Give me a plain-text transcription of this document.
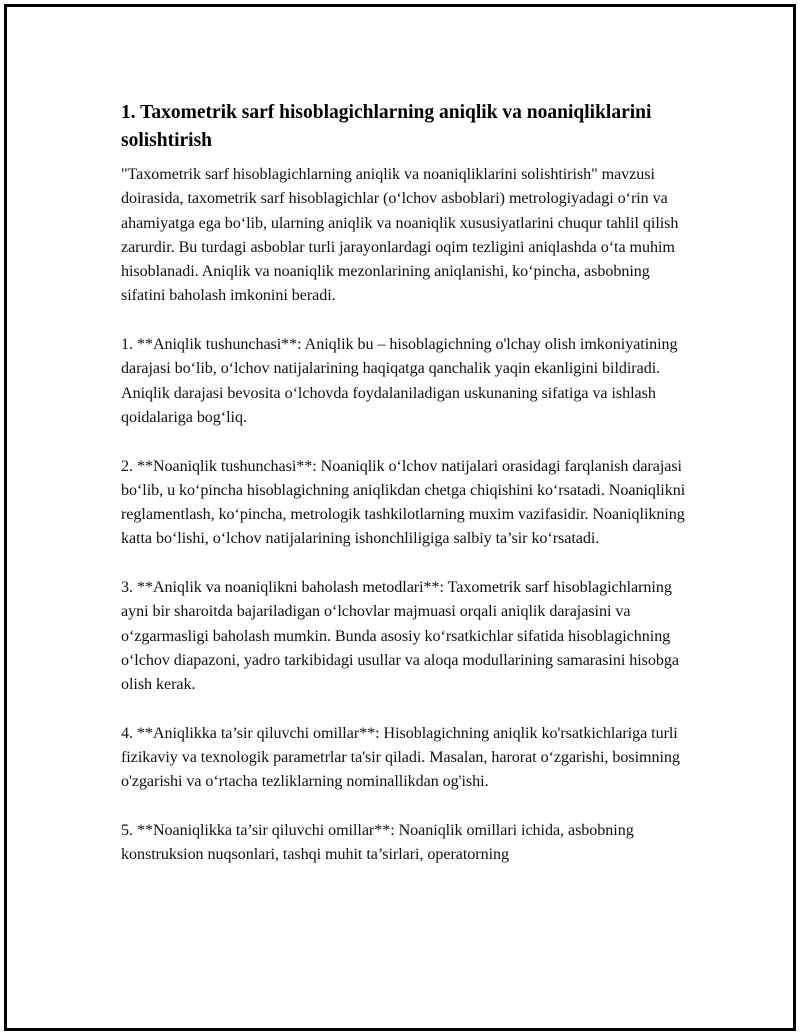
1. Taxometrik sarf hisoblagichlarning aniqlik va noaniqliklarini solishtirish

"Taxometrik sarf hisoblagichlarning aniqlik va noaniqliklarini solishtirish" mavzusi doirasida, taxometrik sarf hisoblagichlar (o‘lchov asboblari) metrologiyadagi o‘rin va ahamiyatga ega bo‘lib, ularning aniqlik va noaniqlik xususiyatlarini chuqur tahlil qilish zarurdir. Bu turdagi asboblar turli jarayonlardagi oqim tezligini aniqlashda o‘ta muhim hisoblanadi. Aniqlik va noaniqlik mezonlarining aniqlanishi, ko‘pincha, asbobning sifatini baholash imkonini beradi.

1. **Aniqlik tushunchasi**: Aniqlik bu – hisoblagichning o'lchay olish imkoniyatining darajasi bo‘lib, o‘lchov natijalarining haqiqatga qanchalik yaqin ekanligini bildiradi. Aniqlik darajasi bevosita o‘lchovda foydalaniladigan uskunaning sifatiga va ishlash qoidalariga bog‘liq.

2. **Noaniqlik tushunchasi**: Noaniqlik o‘lchov natijalari orasidagi farqlanish darajasi bo‘lib, u ko‘pincha hisoblagichning aniqlikdan chetga chiqishini ko‘rsatadi. Noaniqlikni reglamentlash, ko‘pincha, metrologik tashkilotlarning muxim vazifasidir. Noaniqlikning katta bo‘lishi, o‘lchov natijalarining ishonchliligiga salbiy ta’sir ko‘rsatadi.

3. **Aniqlik va noaniqlikni baholash metodlari**: Taxometrik sarf hisoblagichlarning ayni bir sharoitda bajariladigan o‘lchovlar majmuasi orqali aniqlik darajasini va o‘zgarmasligi baholash mumkin. Bunda asosiy ko‘rsatkichlar sifatida hisoblagichning o‘lchov diapazoni, yadro tarkibidagi usullar va aloqa modullarining samarasini hisobga olish kerak.

4. **Aniqlikka ta’sir qiluvchi omillar**: Hisoblagichning aniqlik ko'rsatkichlariga turli fizikaviy va texnologik parametrlar ta'sir qiladi. Masalan, harorat o‘zgarishi, bosimning o'zgarishi va o‘rtacha tezliklarning nominallikdan og'ishi.

5. **Noaniqlikka ta’sir qiluvchi omillar**: Noaniqlik omillari ichida, asbobning konstruksion nuqsonlari, tashqi muhit ta’sirlari, operatorning
